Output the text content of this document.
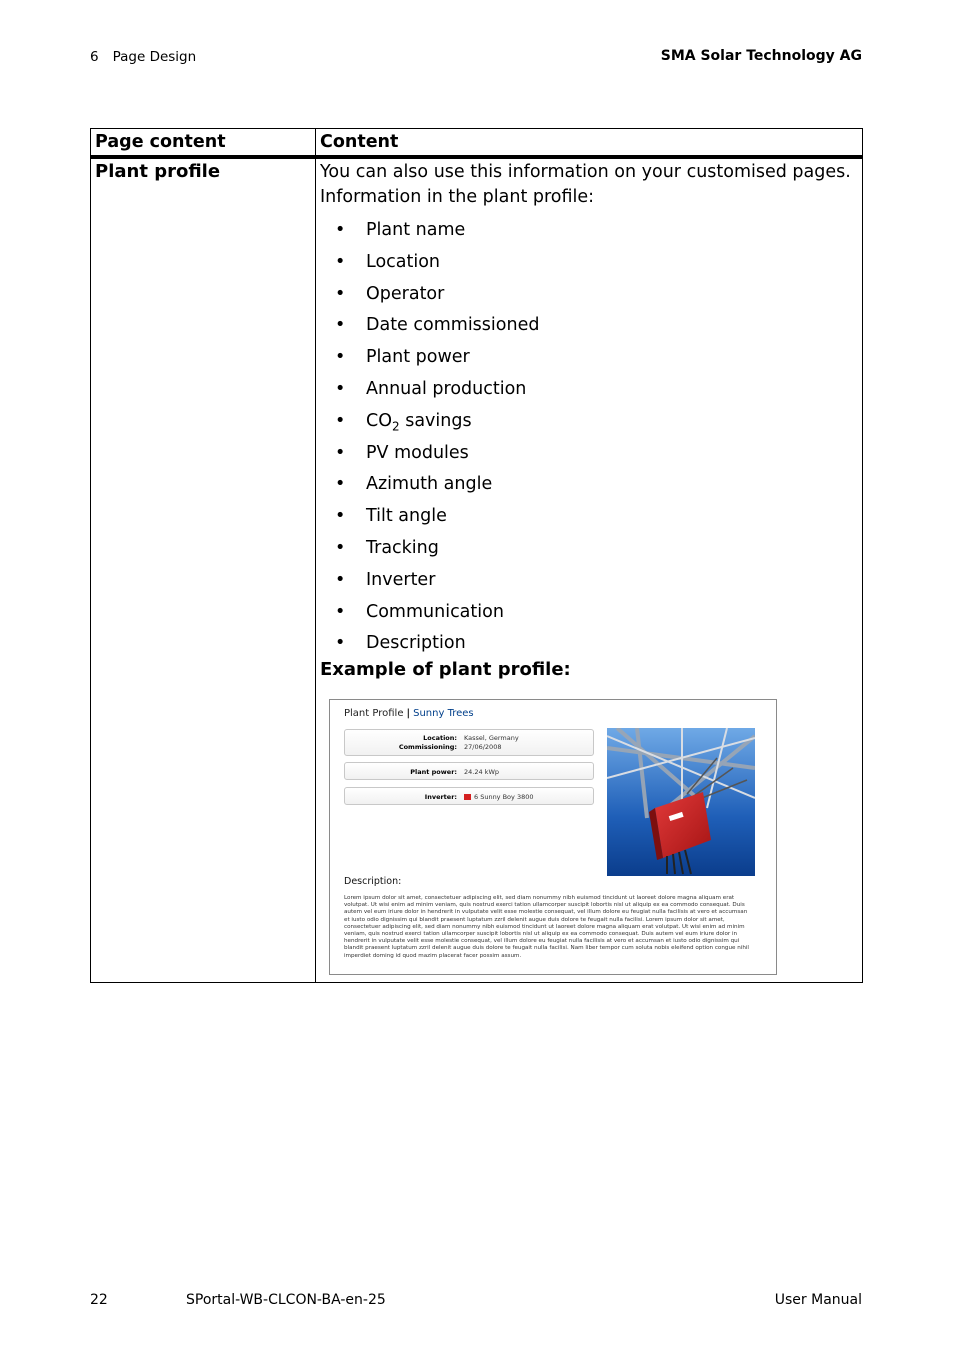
6 Page Design	SMA Solar Technology AG
Page content	Content
Plant profile	You can also use this information on your customised pages.
Information in the plant profile:
• Plant name
• Location
• Operator
• Date commissioned
• Plant power
• Annual production
• $CO_2$ savings
• PV modules
• Azimuth angle
• Tilt angle
• Tracking
• Inverter
• Communication
• Description
Example of plant profile:
Plant Profile | Sunny Trees
Location: Kassel, Germany
Commissioning: 27/06/2008
Plant power: 24.24 kWp
Inverter:	6 Sunny Boy 3800
Description:
Lorem ipsum dolor sit amet, consectetuer adipiscing elit, sed diam nonummy nibh euismod tincidunt ut laoreet dolore magna aliquam erat volutpat. Ut wisi enim ad minim veniam, quis nostrud exerci tation ullamcorper suscipit lobortis nisl ut aliquip ex ea commodo consequat. Duis autem vel eum iriure dolor in hendrerit in vulputate velit esse molestie consequat, vel illum dolore eu feugiat nulla facilisis at vero et accumsan et iusto odio dignissim qui blandit praesent luptatum zzril delenit augue duis dolore te feugait nulla facilisi. Lorem ipsum dolor sit amet, consectetuer adipiscing elit, sed diam nonummy nibh euismod tincidunt ut laoreet dolore magna aliquam erat volutpat. Ut wisi enim ad minim veniam, quis nostrud exerci tation ullamcorper suscipit lobortis nisl ut aliquip ex ea commodo consequat. Duis autem vel eum iriure dolor in hendrerit in vulputate velit esse molestie consequat, vel illum dolore eu feugiat nulla facilisis at vero et accumsan et iusto odio dignissim qui blandit praesent luptatum zzril delenit augue duis dolore te feugait nulla facilisi. Nam liber tempor cum soluta nobis eleifend option congue nihil imperdiet doming id quod mazim placerat facer possim assum.
22	SPortal-WB-CLCON-BA-en-25	User Manual
